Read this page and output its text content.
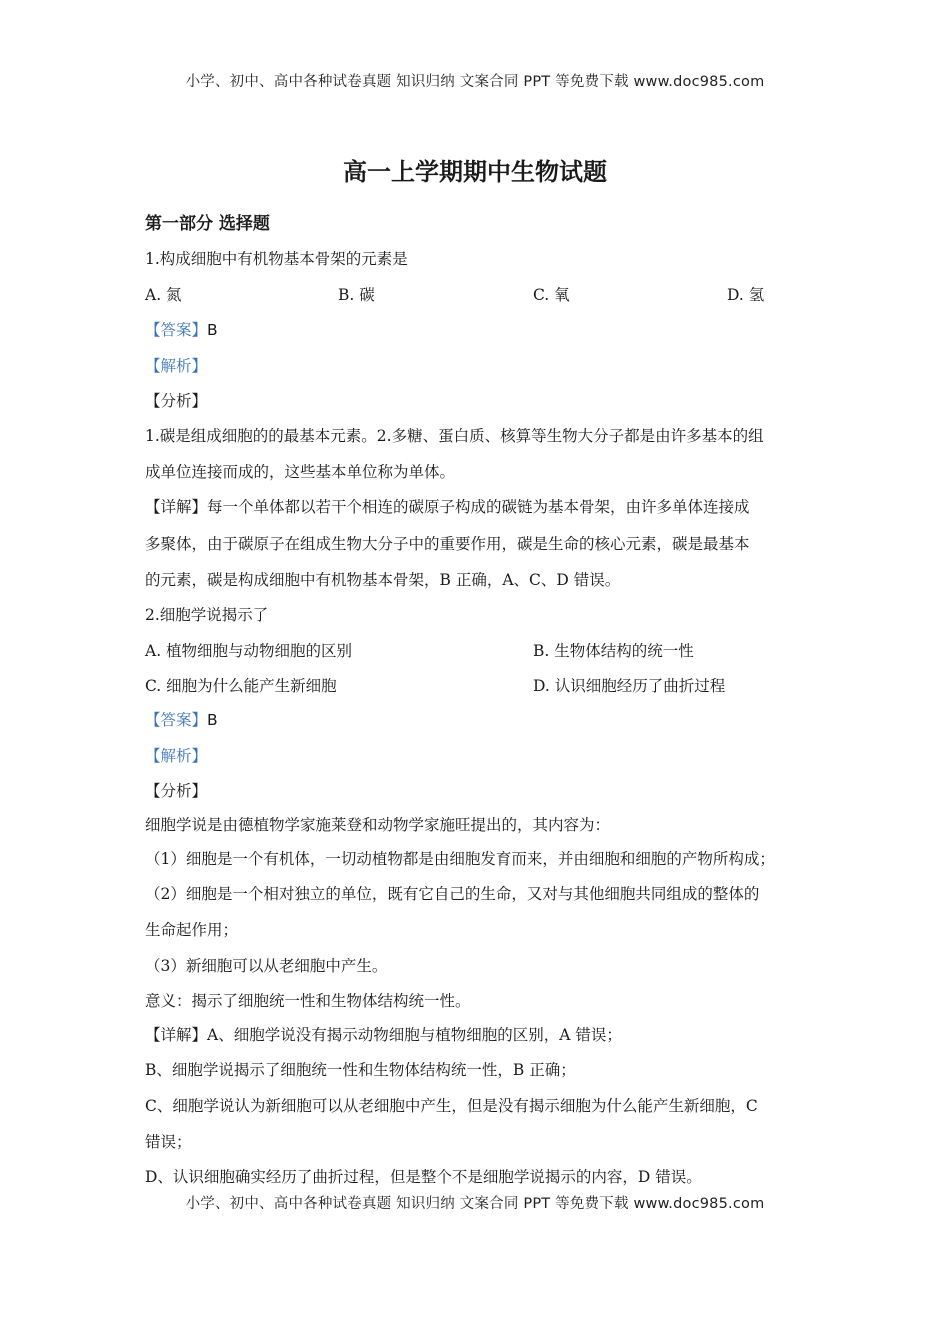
小学、初中、高中各种试卷真题 知识归纳 文案合同 PPT 等免费下载 www.doc985.com
高一上学期期中生物试题
第一部分 选择题
1.构成细胞中有机物基本骨架的元素是
A. 氮	B. 碳	C. 氧	D. 氢
【答案】B
【解析】
【分析】
1.碳是组成细胞的的最基本元素。2.多糖、蛋白质、核算等生物大分子都是由许多基本的组
成单位连接而成的，这些基本单位称为单体。
【详解】每一个单体都以若干个相连的碳原子构成的碳链为基本骨架，由许多单体连接成
多聚体，由于碳原子在组成生物大分子中的重要作用，碳是生命的核心元素，碳是最基本
的元素，碳是构成细胞中有机物基本骨架，B 正确，A、C、D 错误。
2.细胞学说揭示了
A. 植物细胞与动物细胞的区别	B. 生物体结构的统一性
C. 细胞为什么能产生新细胞	D. 认识细胞经历了曲折过程
【答案】B
【解析】
【分析】
细胞学说是由德植物学家施莱登和动物学家施旺提出的，其内容为：
（1）细胞是一个有机体，一切动植物都是由细胞发育而来，并由细胞和细胞的产物所构成；
（2）细胞是一个相对独立的单位，既有它自己的生命，又对与其他细胞共同组成的整体的
生命起作用；
（3）新细胞可以从老细胞中产生。
意义：揭示了细胞统一性和生物体结构统一性。
【详解】A、细胞学说没有揭示动物细胞与植物细胞的区别，A 错误；
B、细胞学说揭示了细胞统一性和生物体结构统一性，B 正确；
C、细胞学说认为新细胞可以从老细胞中产生，但是没有揭示细胞为什么能产生新细胞，C
错误；
D、认识细胞确实经历了曲折过程，但是整个不是细胞学说揭示的内容，D 错误。
小学、初中、高中各种试卷真题 知识归纳 文案合同 PPT 等免费下载 www.doc985.com
